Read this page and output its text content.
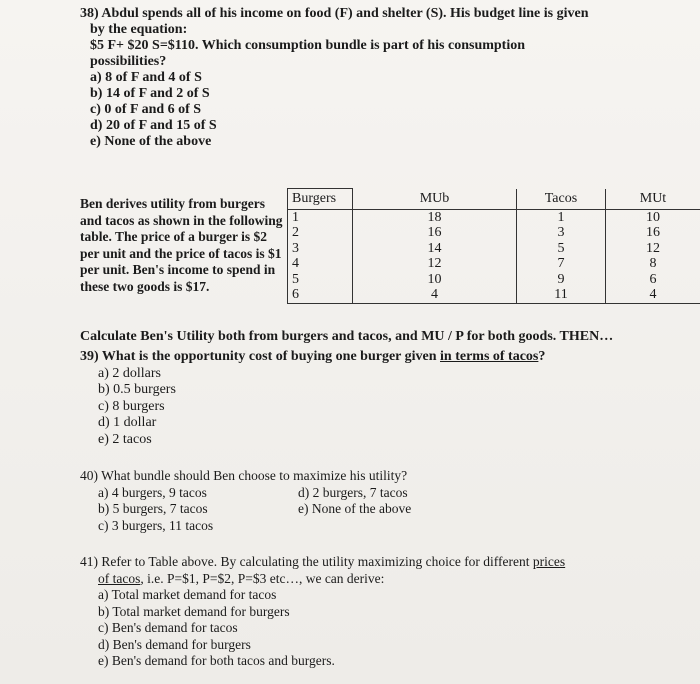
38) Abdul spends all of his income on food (F) and shelter (S). His budget line is given
by the equation:
$5 F+ $20 S=$110. Which consumption bundle is part of his consumption
possibilities?
a) 8 of F and 4 of S
b) 14 of F and 2 of S
c) 0 of F and 6 of S
d) 20 of F and 15 of S
e) None of the above
Ben derives utility from burgers and tacos as shown in the following table. The price of a burger is $2 per unit and the price of tacos is $1 per unit. Ben's income to spend in these two goods is $17.
Burgers	MUb	Tacos	MUt
1	18	1	10
2	16	3	16
3	14	5	12
4	12	7	8
5	10	9	6
6	4	11	4
Calculate Ben's Utility both from burgers and tacos, and MU / P for both goods. THEN…
39) What is the opportunity cost of buying one burger given in terms of tacos?
a) 2 dollars
b) 0.5 burgers
c) 8 burgers
d) 1 dollar
e) 2 tacos
40) What bundle should Ben choose to maximize his utility?
a) 4 burgers, 9 tacos	d) 2 burgers, 7 tacos
b) 5 burgers, 7 tacos	e) None of the above
c) 3 burgers, 11 tacos
41) Refer to Table above. By calculating the utility maximizing choice for different prices
of tacos, i.e. P=$1, P=$2, P=$3 etc…, we can derive:
a) Total market demand for tacos
b) Total market demand for burgers
c) Ben's demand for tacos
d) Ben's demand for burgers
e) Ben's demand for both tacos and burgers.
